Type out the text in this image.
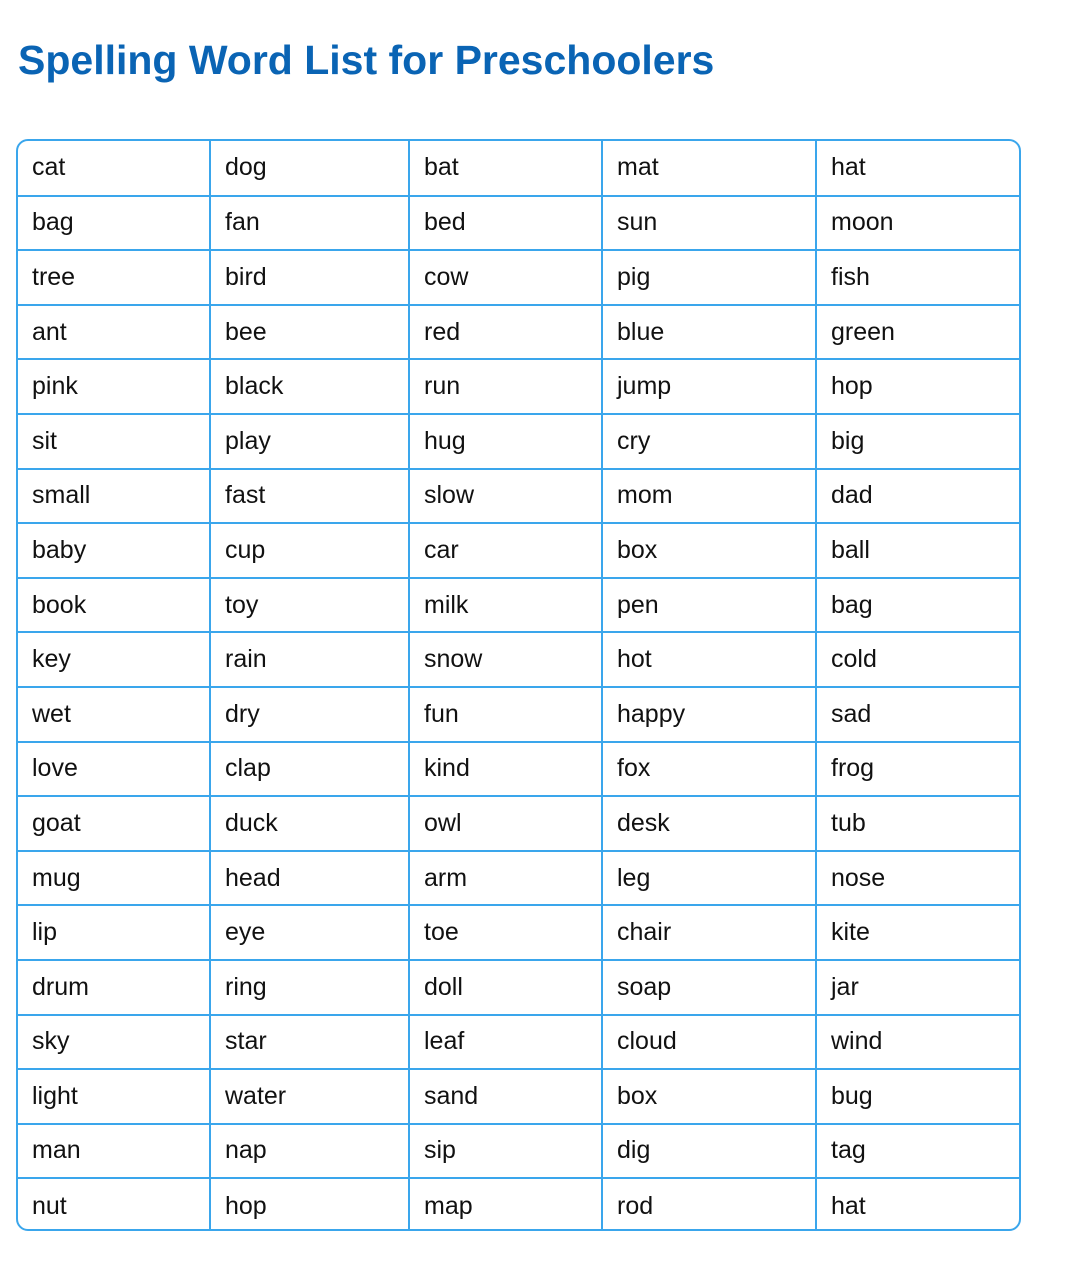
Spelling Word List for Preschoolers
cat	dog	bat	mat	hat
bag	fan	bed	sun	moon
tree	bird	cow	pig	fish
ant	bee	red	blue	green
pink	black	run	jump	hop
sit	play	hug	cry	big
small	fast	slow	mom	dad
baby	cup	car	box	ball
book	toy	milk	pen	bag
key	rain	snow	hot	cold
wet	dry	fun	happy	sad
love	clap	kind	fox	frog
goat	duck	owl	desk	tub
mug	head	arm	leg	nose
lip	eye	toe	chair	kite
drum	ring	doll	soap	jar
sky	star	leaf	cloud	wind
light	water	sand	box	bug
man	nap	sip	dig	tag
nut	hop	map	rod	hat
